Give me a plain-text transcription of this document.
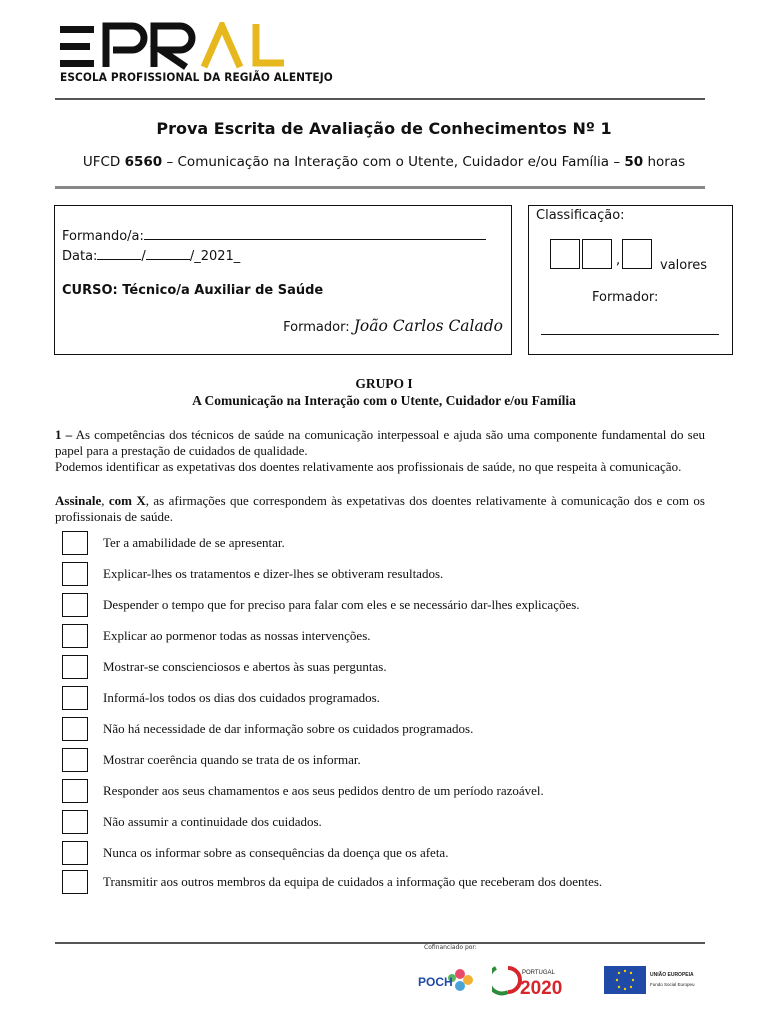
ESCOLA PROFISSIONAL DA REGIÃO ALENTEJO
Prova Escrita de Avaliação de Conhecimentos Nº 1
UFCD 6560 – Comunicação na Interação com o Utente, Cuidador e/ou Família – 50 horas
Formando/a:
Data:	/	/_2021_
CURSO: Técnico/a Auxiliar de Saúde
Formador: João Carlos Calado
Classificação:
,	valores
Formador:
GRUPO I
A Comunicação na Interação com o Utente, Cuidador e/ou Família
1 – As competências dos técnicos de saúde na comunicação interpessoal e ajuda são uma componente fundamental do seu papel para a prestação de cuidados de qualidade.
Podemos identificar as expetativas dos doentes relativamente aos profissionais de saúde, no que respeita à comunicação.
Assinale, com X, as afirmações que correspondem às expetativas dos doentes relativamente à comunicação dos e com os profissionais de saúde.
Ter a amabilidade de se apresentar.
Explicar-lhes os tratamentos e dizer-lhes se obtiveram resultados.
Despender o tempo que for preciso para falar com eles e se necessário dar-lhes explicações.
Explicar ao pormenor todas as nossas intervenções.
Mostrar-se conscienciosos e abertos às suas perguntas.
Informá-los todos os dias dos cuidados programados.
Não há necessidade de dar informação sobre os cuidados programados.
Mostrar coerência quando se trata de os informar.
Responder aos seus chamamentos e aos seus pedidos dentro de um período razoável.
Não assumir a continuidade dos cuidados.
Nunca os informar sobre as consequências da doença que os afeta.
Transmitir aos outros membros da equipa de cuidados a informação que receberam dos doentes.
Cofinanciado por:
POCH
PORTUGAL
2020
UNIÃO EUROPEIA
Fundo Social Europeu
